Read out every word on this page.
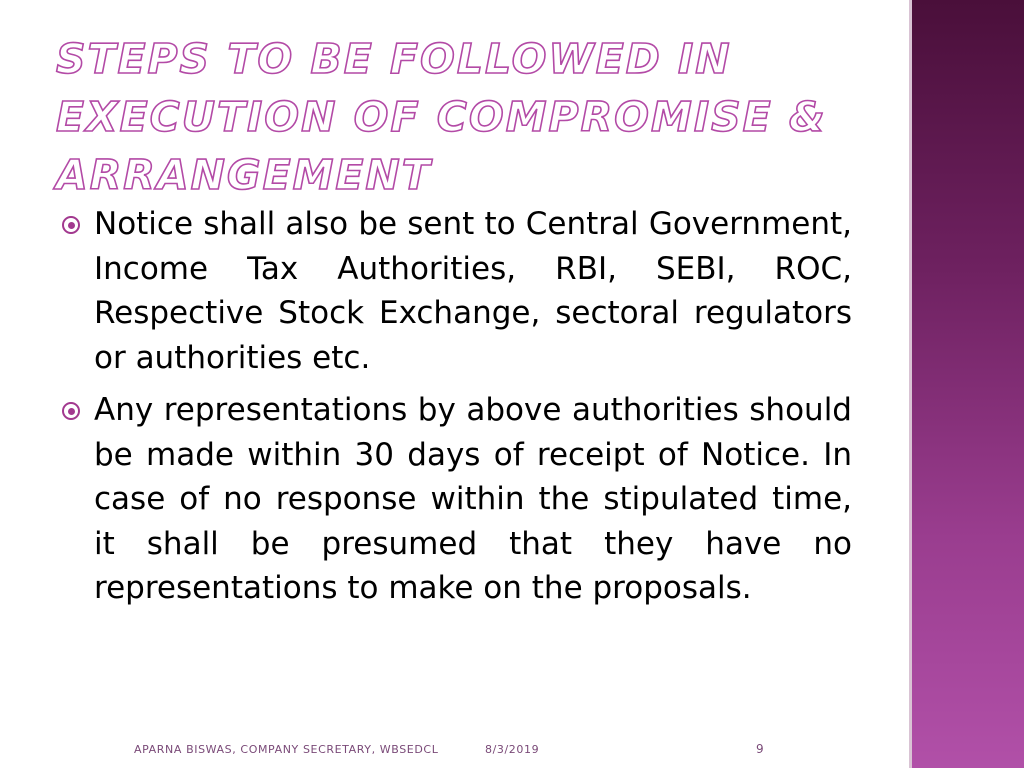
STEPS TO BE FOLLOWED IN EXECUTION OF COMPROMISE & ARRANGEMENT
Notice shall also be sent to Central Government, Income Tax Authorities, RBI, SEBI, ROC, Respective Stock Exchange, sectoral regulators or authorities etc.
Any representations by above authorities should be made within 30 days of receipt of Notice. In case of no response within the stipulated time, it shall be presumed that they have no representations to make on the proposals.
APARNA BISWAS, COMPANY SECRETARY, WBSEDCL	8/3/2019	9
